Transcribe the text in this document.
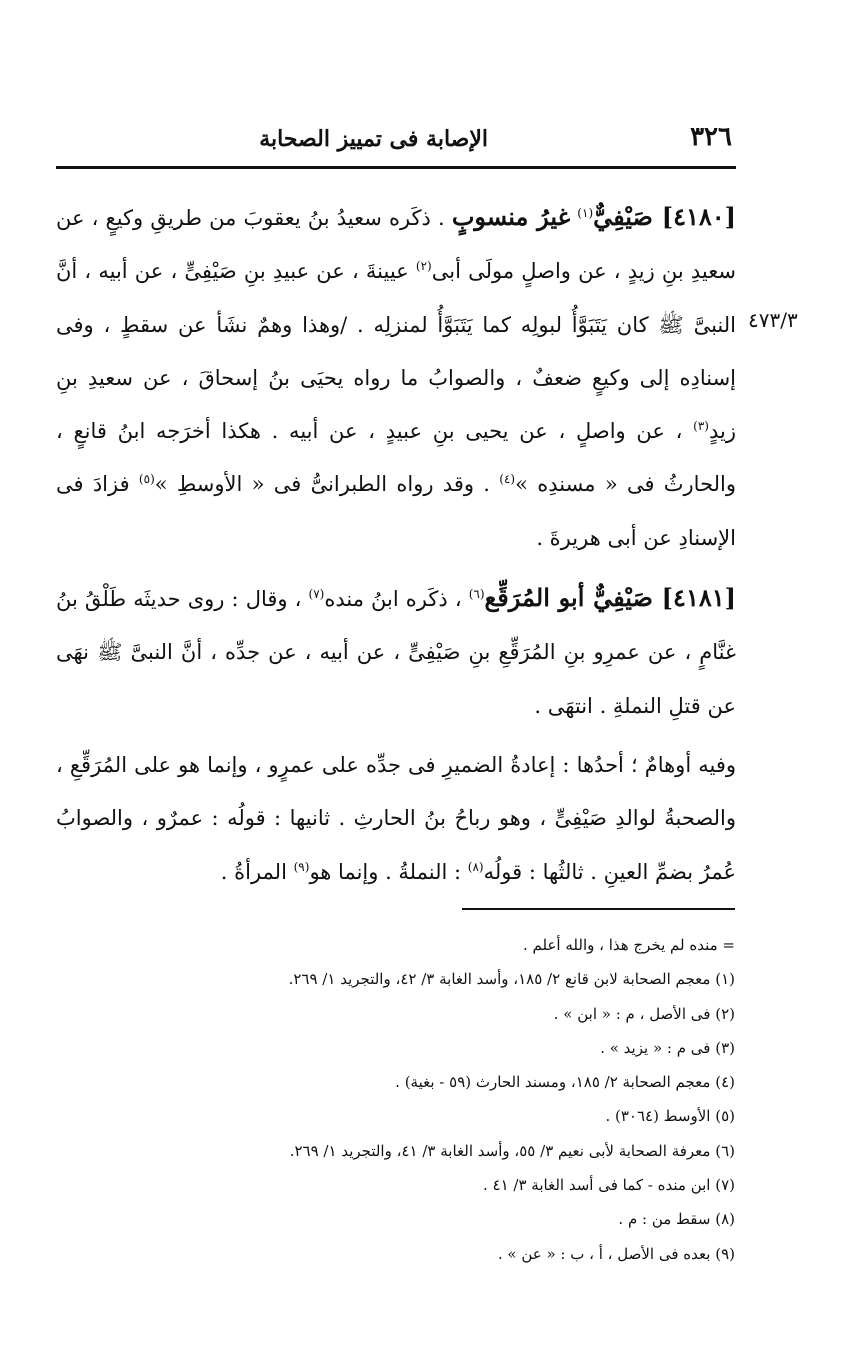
٣٢٦
الإصابة فى تمييز الصحابة
٤٧٣/٣

[٤١٨٠] صَيْفِيٌّ$^{(١)}$ غيرُ منسوبٍ . ذكَره سعيدُ بنُ يعقوبَ من طريقِ وكيعٍ ، عن سعيدِ بنِ زيدٍ ، عن واصلٍ مولَى أبى$^{(٢)}$ عيينةَ ، عن عبيدِ بنِ صَيْفِىٍّ ، عن أبيه ، أنَّ النبىَّ ﷺ كان يَتَبَوَّأُ لبولِه كما يَتَبَوَّأُ لمنزلِه . /وهذا وهمٌ نشَأ عن سقطٍ ، وفى إسنادِه إلى وكيعٍ ضعفٌ ، والصوابُ ما رواه يحيَى بنُ إسحاقَ ، عن سعيدِ بنِ زيدٍ$^{(٣)}$ ، عن واصلٍ ، عن يحيى بنِ عبيدٍ ، عن أبيه . هكذا أخرَجه ابنُ قانعٍ ، والحارثُ فى « مسندِه »$^{(٤)}$ . وقد رواه الطبرانىُّ فى « الأوسطِ »$^{(٥)}$ فزادَ فى الإسنادِ عن أبى هريرةَ .

[٤١٨١] صَيْفِيٌّ أبو المُرَقِّع$^{(٦)}$ ، ذكَره ابنُ منده$^{(٧)}$ ، وقال : روى حديثَه طَلْقُ بنُ غنَّامٍ ، عن عمرِو بنِ المُرَقِّعِ بنِ صَيْفِىٍّ ، عن أبيه ، عن جدِّه ، أنَّ النبىَّ ﷺ نهَى عن قتلِ النملةِ . انتهَى .

وفيه أوهامٌ ؛ أحدُها : إعادةُ الضميرِ فى جدِّه على عمرٍو ، وإنما هو على المُرَقِّعِ ، والصحبةُ لوالدِ صَيْفِىٍّ ، وهو رباحُ بنُ الحارثِ . ثانيها : قولُه : عمرٌو ، والصوابُ عُمرُ بضمِّ العينِ . ثالثُها : قولُه$^{(٨)}$ : النملةُ . وإنما هو$^{(٩)}$ المرأةُ .

= منده لم يخرج هذا ، والله أعلم .
(١) معجم الصحابة لابن قانع ٢/ ١٨٥، وأسد الغابة ٣/ ٤٢، والتجريد ١/ ٢٦٩.
(٢) فى الأصل ، م : « ابن » .
(٣) فى م : « يزيد » .
(٤) معجم الصحابة ٢/ ١٨٥، ومسند الحارث (٥٩ - بغية) .
(٥) الأوسط (٣٠٦٤) .
(٦) معرفة الصحابة لأبى نعيم ٣/ ٥٥، وأسد الغابة ٣/ ٤١، والتجريد ١/ ٢٦٩.
(٧) ابن منده - كما فى أسد الغابة ٣/ ٤١ .
(٨) سقط من : م .
(٩) بعده فى الأصل ، أ ، ب : « عن » .
